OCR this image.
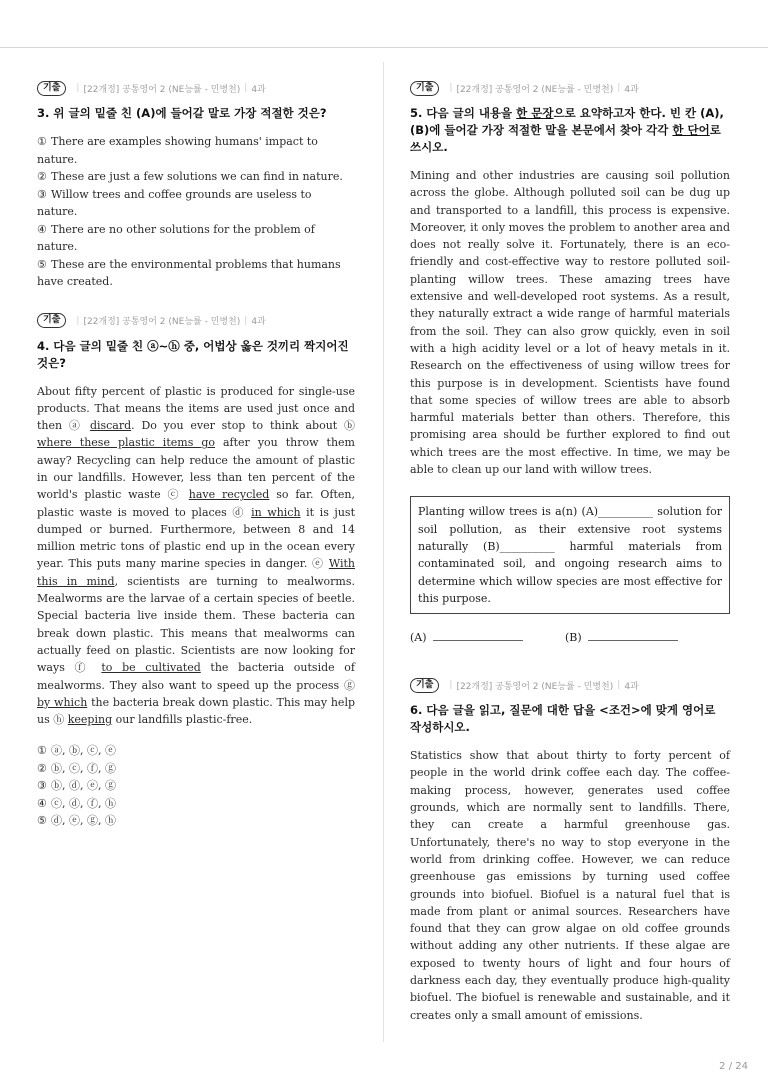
기출	| [22개정] 공통영어 2 (NE능률 - 민병천) | 4과
3. 위 글의 밑줄 친 (A)에 들어갈 말로 가장 적절한 것은?
① There are examples showing humans' impact to nature.
② These are just a few solutions we can find in nature.
③ Willow trees and coffee grounds are useless to nature.
④ There are no other solutions for the problem of nature.
⑤ These are the environmental problems that humans have created.
기출	| [22개정] 공통영어 2 (NE능률 - 민병천) | 4과
4. 다음 글의 밑줄 친 ⓐ~ⓗ 중, 어법상 옳은 것끼리 짝지어진 것은?
About fifty percent of plastic is produced for single-use products. That means the items are used just once and then ⓐ discard. Do you ever stop to think about ⓑ where these plastic items go after you throw them away? Recycling can help reduce the amount of plastic in our landfills. However, less than ten percent of the world's plastic waste ⓒ have recycled so far. Often, plastic waste is moved to places ⓓ in which it is just dumped or burned. Furthermore, between 8 and 14 million metric tons of plastic end up in the ocean every year. This puts many marine species in danger. ⓔ With this in mind, scientists are turning to mealworms. Mealworms are the larvae of a certain species of beetle. Special bacteria live inside them. These bacteria can break down plastic. This means that mealworms can actually feed on plastic. Scientists are now looking for ways ⓕ to be cultivated the bacteria outside of mealworms. They also want to speed up the process ⓖ by which the bacteria break down plastic. This may help us ⓗ keeping our landfills plastic-free.
① ⓐ, ⓑ, ⓒ, ⓔ
② ⓑ, ⓒ, ⓕ, ⓖ
③ ⓑ, ⓓ, ⓔ, ⓖ
④ ⓒ, ⓓ, ⓕ, ⓗ
⑤ ⓓ, ⓔ, ⓖ, ⓗ
기출	| [22개정] 공통영어 2 (NE능률 - 민병천) | 4과
5. 다음 글의 내용을 한 문장으로 요약하고자 한다. 빈 칸 (A), (B)에 들어갈 가장 적절한 말을 본문에서 찾아 각각 한 단어로 쓰시오.
Mining and other industries are causing soil pollution across the globe. Although polluted soil can be dug up and transported to a landfill, this process is expensive. Moreover, it only moves the problem to another area and does not really solve it. Fortunately, there is an eco-friendly and cost-effective way to restore polluted soil-planting willow trees. These amazing trees have extensive and well-developed root systems. As a result, they naturally extract a wide range of harmful materials from the soil. They can also grow quickly, even in soil with a high acidity level or a lot of heavy metals in it. Research on the effectiveness of using willow trees for this purpose is in development. Scientists have found that some species of willow trees are able to absorb harmful materials better than others. Therefore, this promising area should be further explored to find out which trees are the most effective. In time, we may be able to clean up our land with willow trees.
Planting willow trees is a(n) (A)__________ solution for soil pollution, as their extensive root systems naturally (B)__________ harmful materials from contaminated soil, and ongoing research aims to determine which willow species are most effective for this purpose.
(A)	(B)
기출	| [22개정] 공통영어 2 (NE능률 - 민병천) | 4과
6. 다음 글을 읽고, 질문에 대한 답을 <조건>에 맞게 영어로 작성하시오.
Statistics show that about thirty to forty percent of people in the world drink coffee each day. The coffee-making process, however, generates used coffee grounds, which are normally sent to landfills. There, they can create a harmful greenhouse gas. Unfortunately, there's no way to stop everyone in the world from drinking coffee. However, we can reduce greenhouse gas emissions by turning used coffee grounds into biofuel. Biofuel is a natural fuel that is made from plant or animal sources. Researchers have found that they can grow algae on old coffee grounds without adding any other nutrients. If these algae are exposed to twenty hours of light and four hours of darkness each day, they eventually produce high-quality biofuel. The biofuel is renewable and sustainable, and it creates only a small amount of emissions.
2 / 24
